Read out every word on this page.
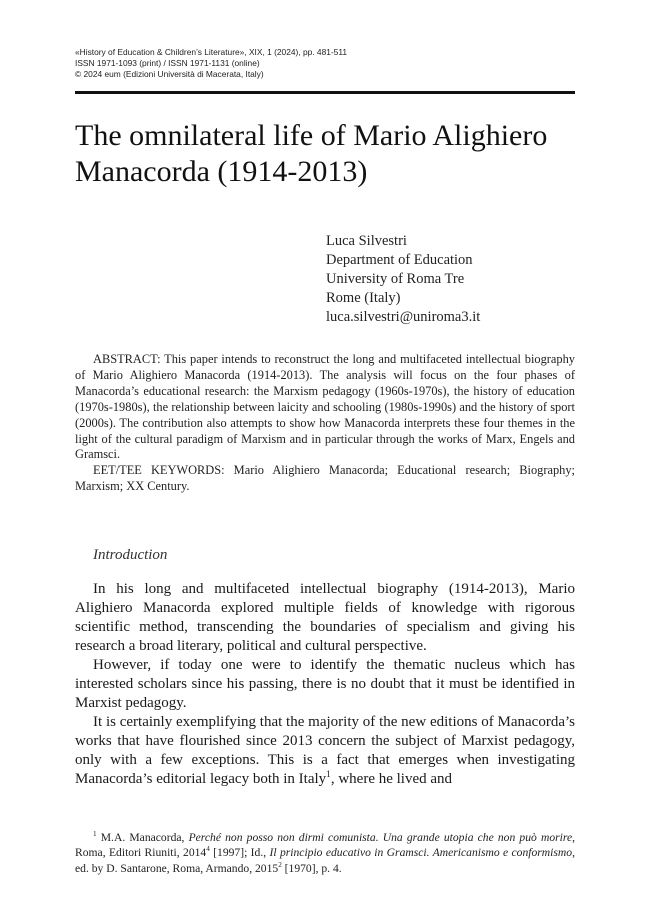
«History of Education & Children’s Literature», XIX, 1 (2024), pp. 481-511
ISSN 1971-1093 (print) / ISSN 1971-1131 (online)
© 2024 eum (Edizioni Università di Macerata, Italy)
The omnilateral life of Mario Alighiero
Manacorda (1914-2013)
Luca Silvestri
Department of Education
University of Roma Tre
Rome (Italy)
luca.silvestri@uniroma3.it

ABSTRACT: This paper intends to reconstruct the long and multifaceted intellectual biography of Mario Alighiero Manacorda (1914-2013). The analysis will focus on the four phases of Manacorda’s educational research: the Marxism pedagogy (1960s-1970s), the history of education (1970s-1980s), the relationship between laicity and schooling (1980s-1990s) and the history of sport (2000s). The contribution also attempts to show how Manacorda interprets these four themes in the light of the cultural paradigm of Marxism and in particular through the works of Marx, Engels and Gramsci.

EET/TEE KEYWORDS: Mario Alighiero Manacorda; Educational research; Biography; Marxism; XX Century.

Introduction

In his long and multifaceted intellectual biography (1914-2013), Mario Alighiero Manacorda explored multiple fields of knowledge with rigorous scientific method, transcending the boundaries of specialism and giving his research a broad literary, political and cultural perspective.

However, if today one were to identify the thematic nucleus which has interested scholars since his passing, there is no doubt that it must be identified in Marxist pedagogy.

It is certainly exemplifying that the majority of the new editions of Manacorda’s works that have flourished since 2013 concern the subject of Marxist pedagogy, only with a few exceptions. This is a fact that emerges when investigating Manacorda’s editorial legacy both in Italy$^1$, where he lived and

$^1$ M.A. Manacorda, Perché non posso non dirmi comunista. Una grande utopia che non può morire, Roma, Editori Riuniti, 2014$^4$ [1997]; Id., Il principio educativo in Gramsci. Americanismo e conformismo, ed. by D. Santarone, Roma, Armando, 2015$^2$ [1970], p. 4.
